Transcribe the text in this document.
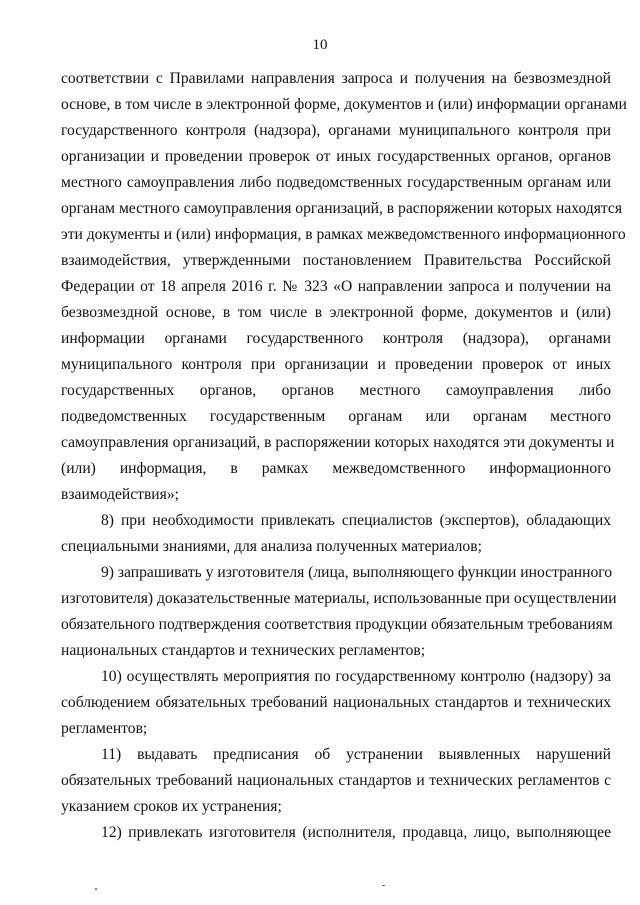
10
соответствии с Правилами направления запроса и получения на безвозмездной
основе, в том числе в электронной форме, документов и (или) информации органами
государственного контроля (надзора), органами муниципального контроля при
организации и проведении проверок от иных государственных органов, органов
местного самоуправления либо подведомственных государственным органам или
органам местного самоуправления организаций, в распоряжении которых находятся
эти документы и (или) информация, в рамках межведомственного информационного
взаимодействия, утвержденными постановлением Правительства Российской
Федерации от 18 апреля 2016 г. № 323 «О направлении запроса и получении на
безвозмездной основе, в том числе в электронной форме, документов и (или)
информации органами государственного контроля (надзора), органами
муниципального контроля при организации и проведении проверок от иных
государственных органов, органов местного самоуправления либо
подведомственных государственным органам или органам местного
самоуправления организаций, в распоряжении которых находятся эти документы и
(или) информация, в рамках межведомственного информационного
взаимодействия»;
8) при необходимости привлекать специалистов (экспертов), обладающих
специальными знаниями, для анализа полученных материалов;
9) запрашивать у изготовителя (лица, выполняющего функции иностранного
изготовителя) доказательственные материалы, использованные при осуществлении
обязательного подтверждения соответствия продукции обязательным требованиям
национальных стандартов и технических регламентов;
10) осуществлять мероприятия по государственному контролю (надзору) за
соблюдением обязательных требований национальных стандартов и технических
регламентов;
11) выдавать предписания об устранении выявленных нарушений
обязательных требований национальных стандартов и технических регламентов с
указанием сроков их устранения;
12) привлекать изготовителя (исполнителя, продавца, лицо, выполняющее
